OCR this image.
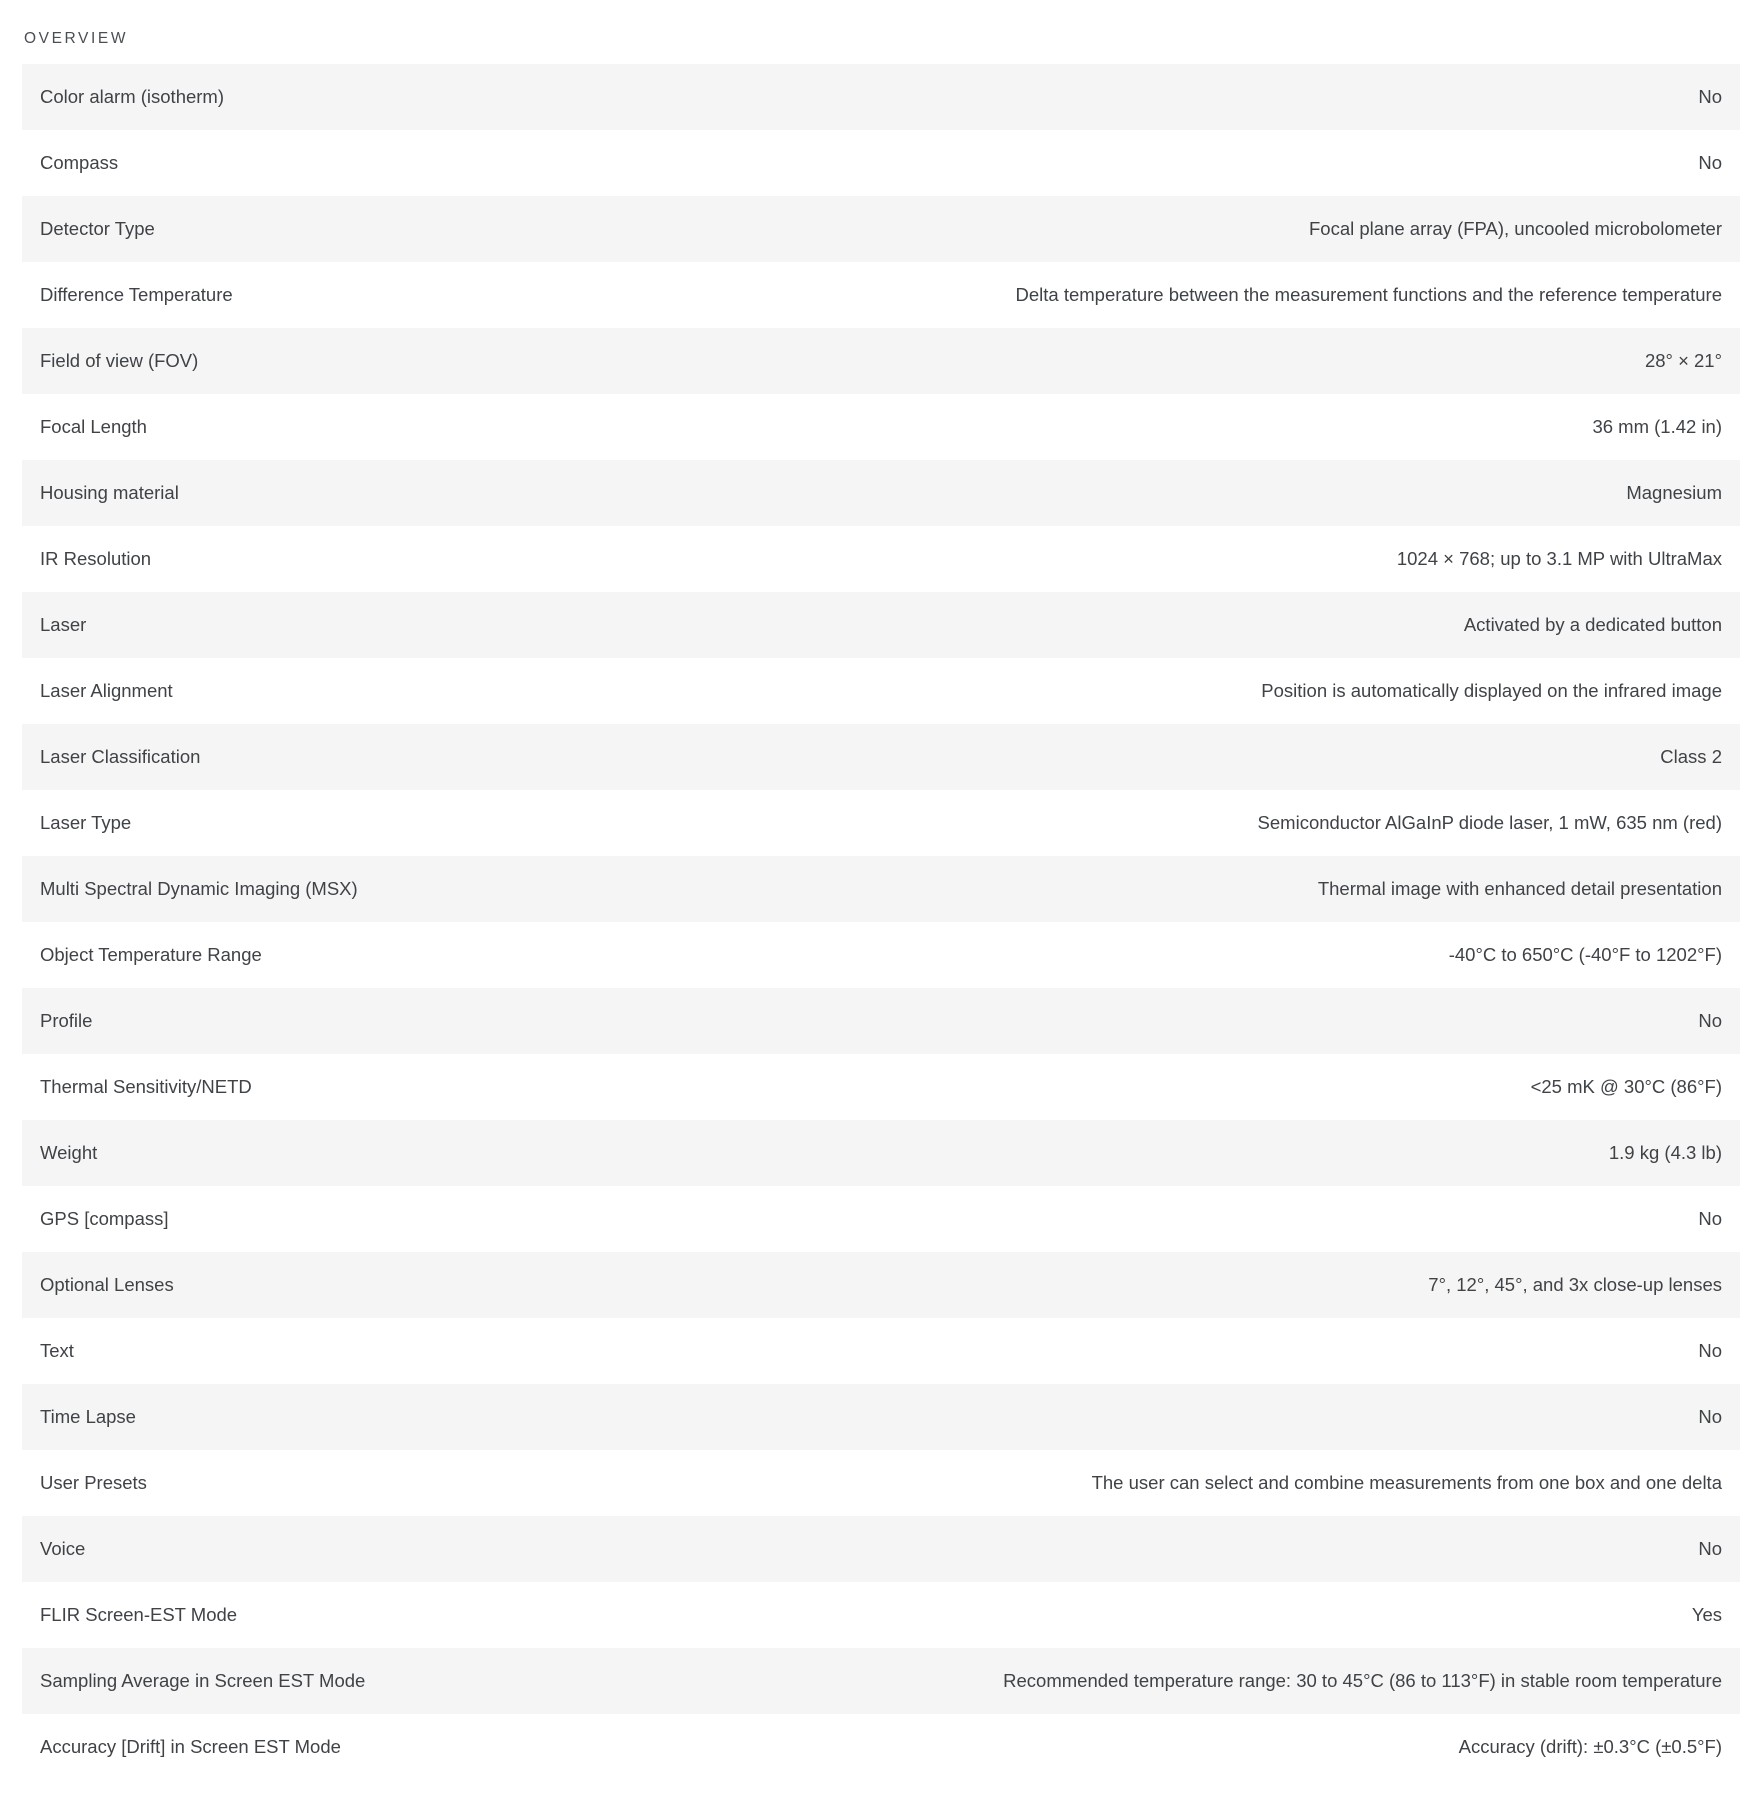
OVERVIEW
Color alarm (isotherm)	No

Compass	No

Detector Type	Focal plane array (FPA), uncooled microbolometer

Difference Temperature	Delta temperature between the measurement functions and the reference temperature

Field of view (FOV)	28° × 21°

Focal Length	36 mm (1.42 in)

Housing material	Magnesium

IR Resolution	1024 × 768; up to 3.1 MP with UltraMax

Laser	Activated by a dedicated button

Laser Alignment	Position is automatically displayed on the infrared image

Laser Classification	Class 2

Laser Type	Semiconductor AlGaInP diode laser, 1 mW, 635 nm (red)

Multi Spectral Dynamic Imaging (MSX)	Thermal image with enhanced detail presentation

Object Temperature Range	-40°C to 650°C (-40°F to 1202°F)

Profile	No

Thermal Sensitivity/NETD	<25 mK @ 30°C (86°F)

Weight	1.9 kg (4.3 lb)

GPS [compass]	No

Optional Lenses	7°, 12°, 45°, and 3x close-up lenses

Text	No

Time Lapse	No

User Presets	The user can select and combine measurements from one box and one delta

Voice	No

FLIR Screen-EST Mode	Yes

Sampling Average in Screen EST Mode	Recommended temperature range: 30 to 45°C (86 to 113°F) in stable room temperature

Accuracy [Drift] in Screen EST Mode	Accuracy (drift): ±0.3°C (±0.5°F)
